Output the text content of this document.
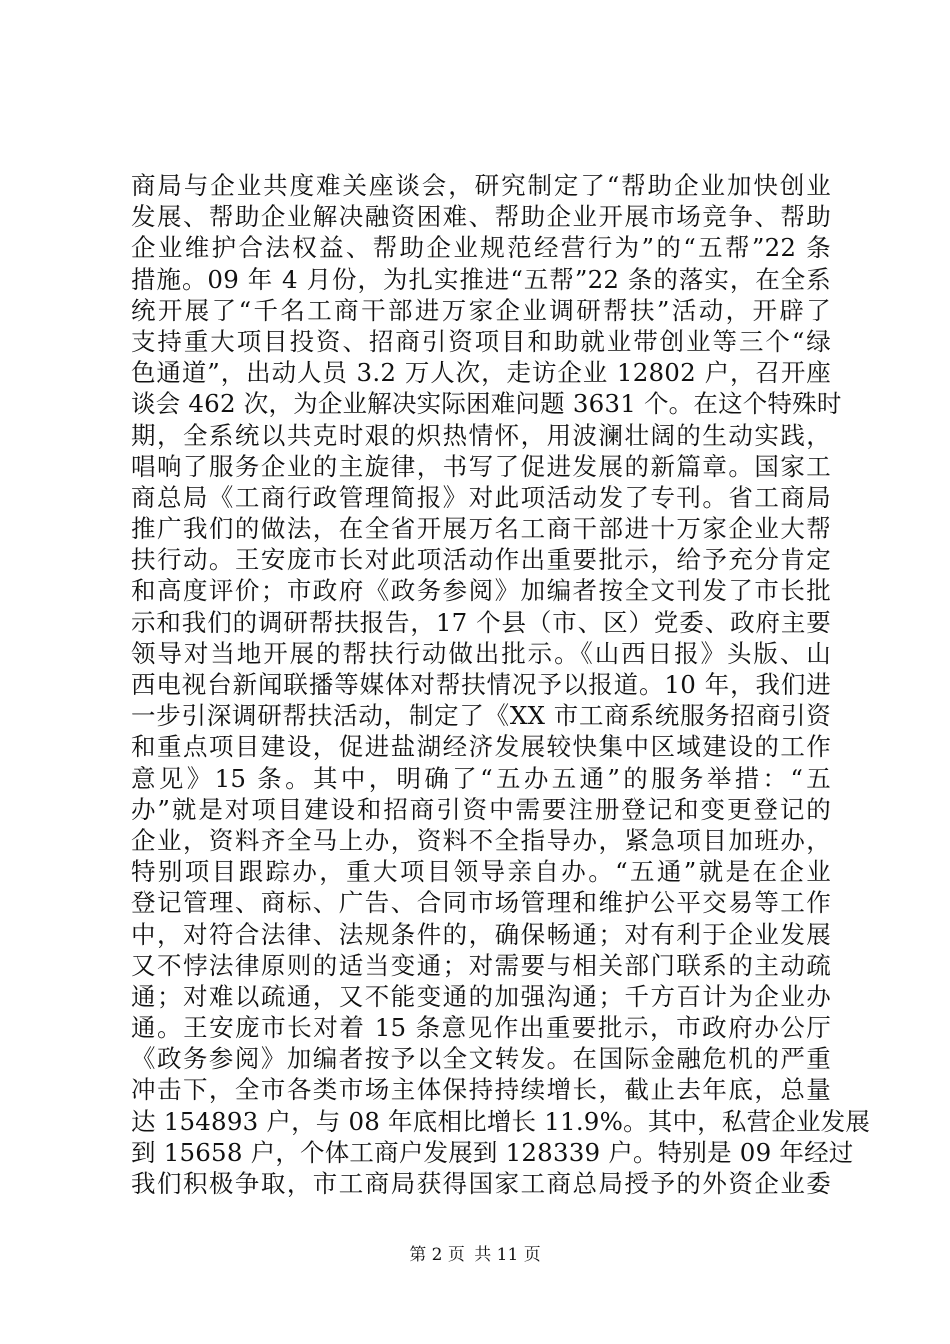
商局与企业共度难关座谈会，研究制定了“帮助企业加快创业
发展、帮助企业解决融资困难、帮助企业开展市场竞争、帮助
企业维护合法权益、帮助企业规范经营行为”的“五帮”22 条
措施。09 年 4 月份，为扎实推进“五帮”22 条的落实，在全系
统开展了“千名工商干部进万家企业调研帮扶”活动，开辟了
支持重大项目投资、招商引资项目和助就业带创业等三个“绿
色通道”，出动人员 3.2 万人次，走访企业 12802 户，召开座
谈会 462 次，为企业解决实际困难问题 3631 个。在这个特殊时
期，全系统以共克时艰的炽热情怀，用波澜壮阔的生动实践，
唱响了服务企业的主旋律，书写了促进发展的新篇章。国家工
商总局《工商行政管理简报》对此项活动发了专刊。省工商局
推广我们的做法，在全省开展万名工商干部进十万家企业大帮
扶行动。王安庞市长对此项活动作出重要批示，给予充分肯定
和高度评价；市政府《政务参阅》加编者按全文刊发了市长批
示和我们的调研帮扶报告，17 个县（市、区）党委、政府主要
领导对当地开展的帮扶行动做出批示。《山西日报》头版、山
西电视台新闻联播等媒体对帮扶情况予以报道。10 年，我们进
一步引深调研帮扶活动，制定了《XX 市工商系统服务招商引资
和重点项目建设，促进盐湖经济发展较快集中区域建设的工作
意见》15 条。其中，明确了“五办五通”的服务举措：“五
办”就是对项目建设和招商引资中需要注册登记和变更登记的
企业，资料齐全马上办，资料不全指导办，紧急项目加班办，
特别项目跟踪办，重大项目领导亲自办。“五通”就是在企业
登记管理、商标、广告、合同市场管理和维护公平交易等工作
中，对符合法律、法规条件的，确保畅通；对有利于企业发展
又不悖法律原则的适当变通；对需要与相关部门联系的主动疏
通；对难以疏通，又不能变通的加强沟通；千方百计为企业办
通。王安庞市长对着 15 条意见作出重要批示，市政府办公厅
《政务参阅》加编者按予以全文转发。在国际金融危机的严重
冲击下，全市各类市场主体保持持续增长，截止去年底，总量
达 154893 户，与 08 年底相比增长 11.9%。其中，私营企业发展
到 15658 户，个体工商户发展到 128339 户。特别是 09 年经过
我们积极争取，市工商局获得国家工商总局授予的外资企业委
第 2 页 共 11 页
